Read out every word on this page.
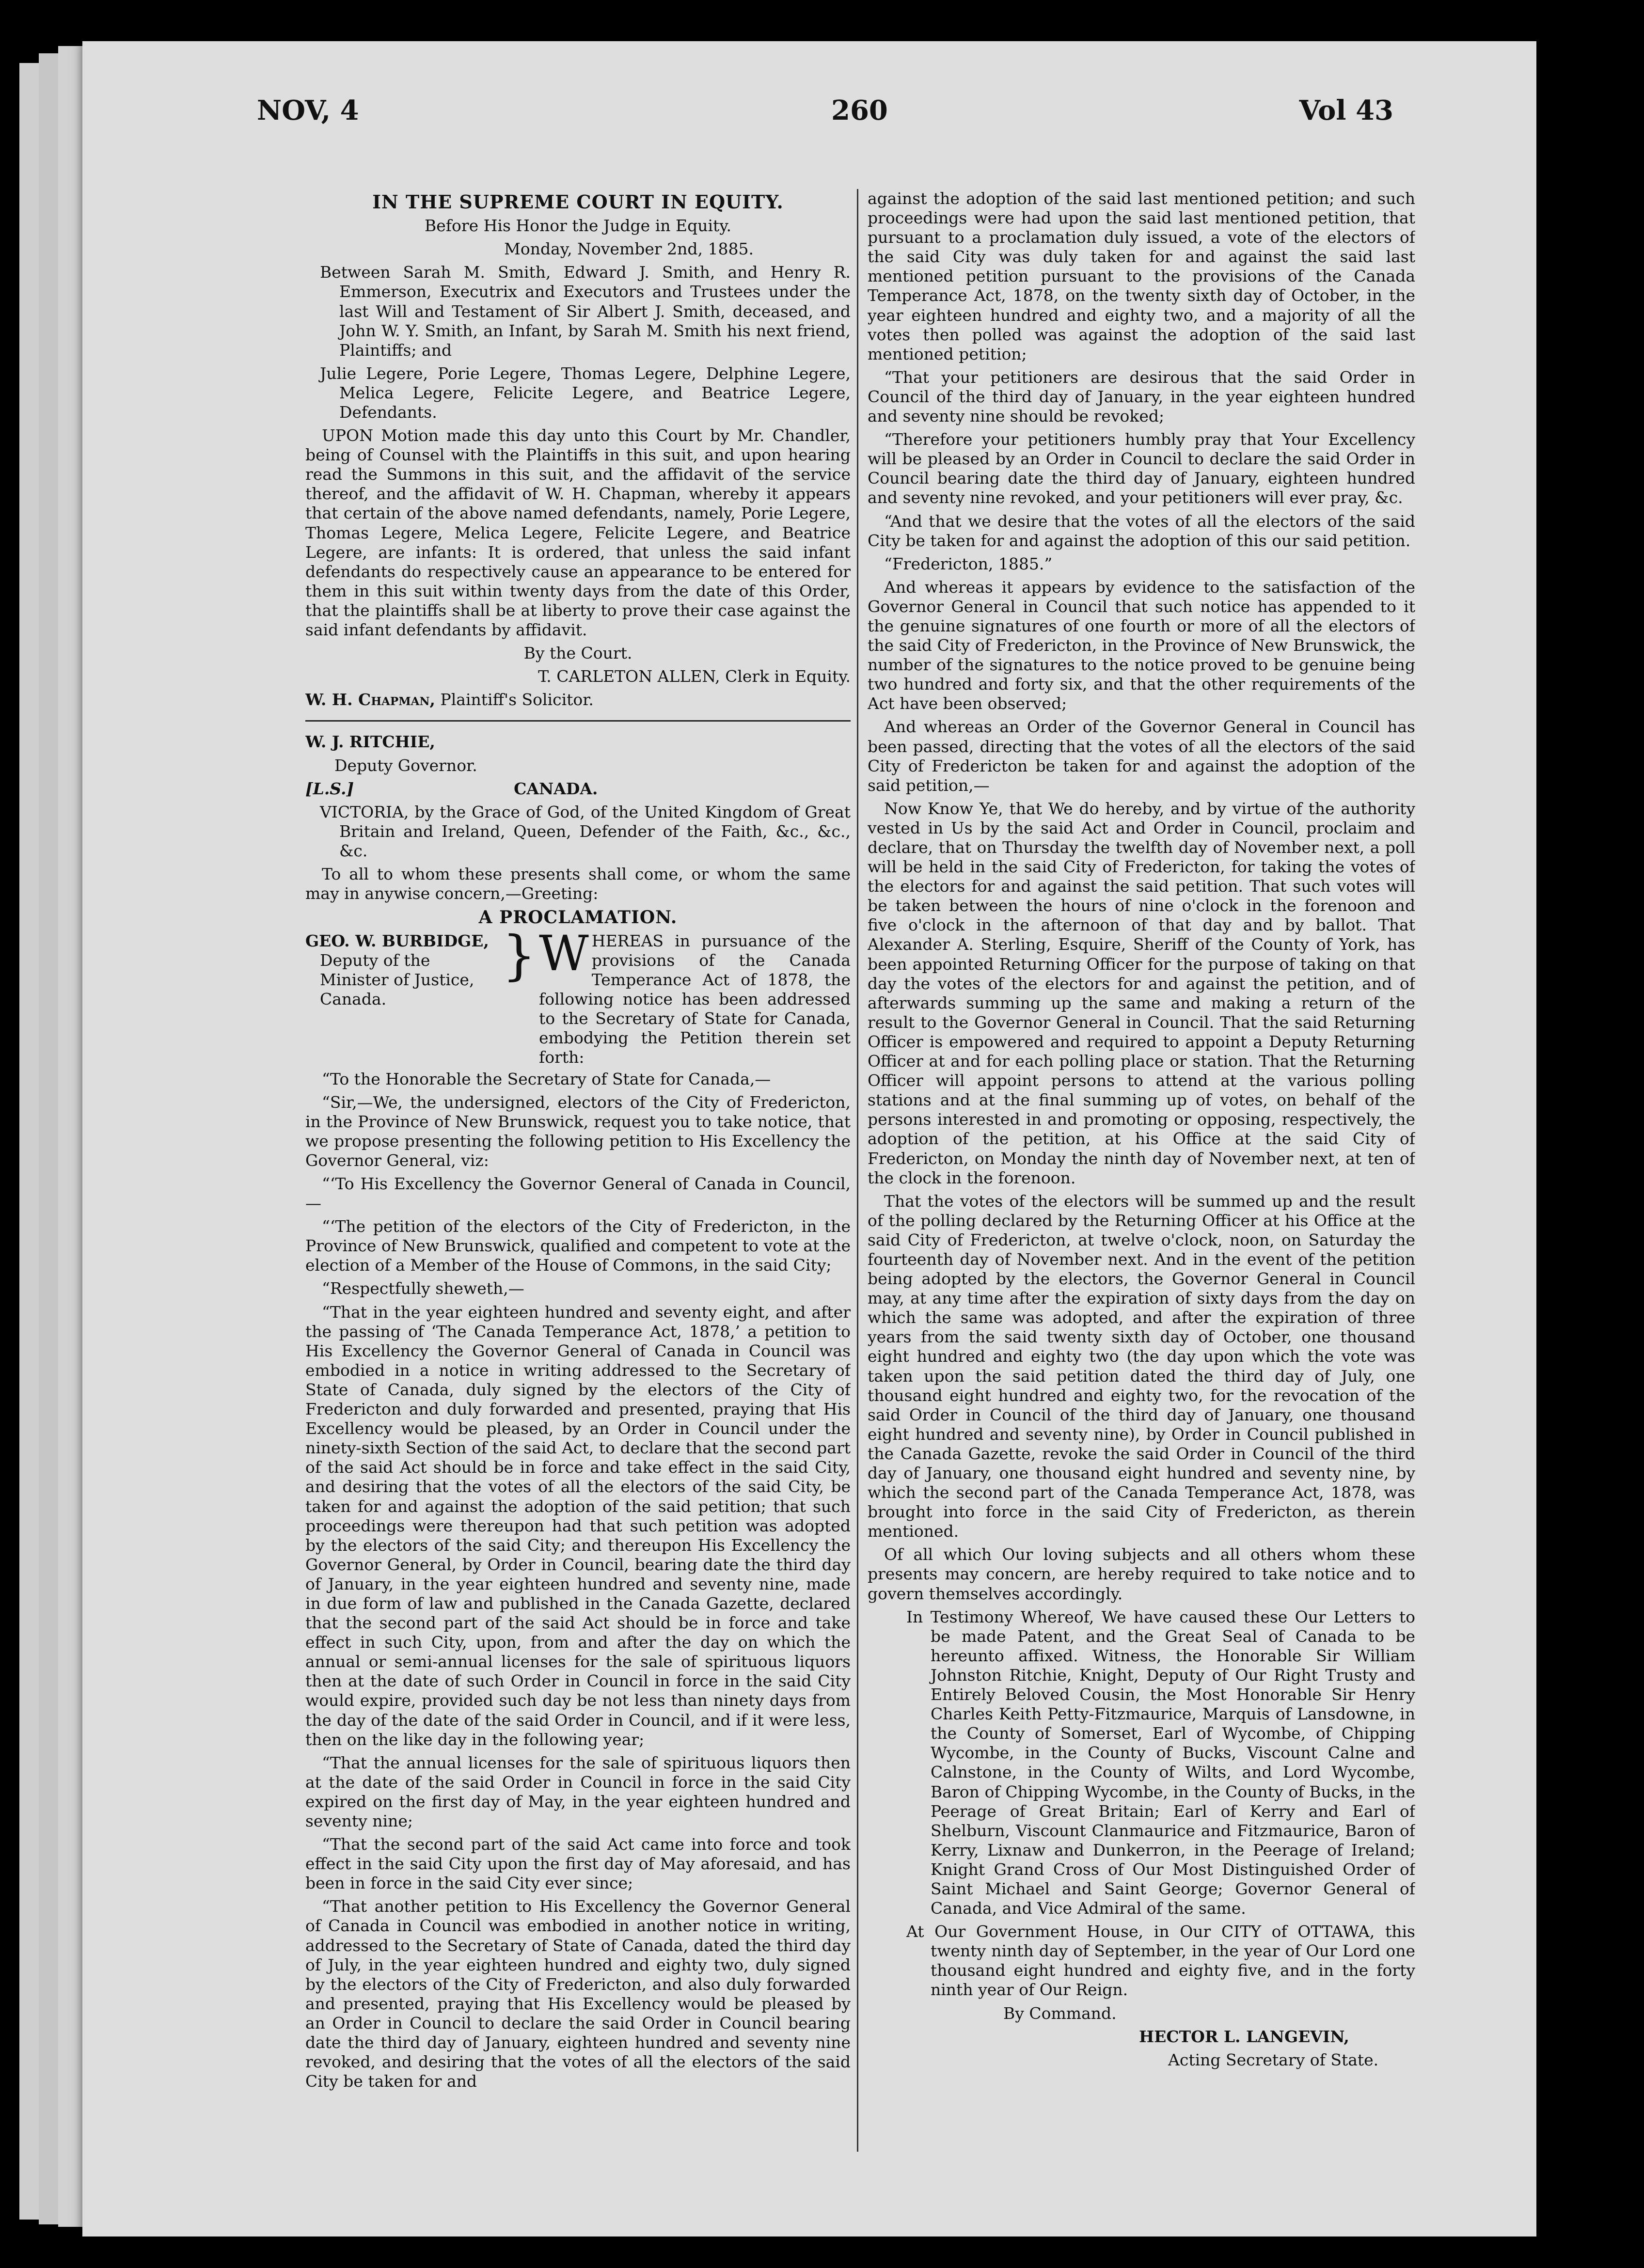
NOV, 4	260	Vol 43
IN THE SUPREME COURT IN EQUITY.

Before His Honor the Judge in Equity.

Monday, November 2nd, 1885.

Between Sarah M. Smith, Edward J. Smith, and Henry R. Emmerson, Executrix and Executors and Trustees under the last Will and Testament of Sir Albert J. Smith, deceased, and John W. Y. Smith, an Infant, by Sarah M. Smith his next friend, Plaintiffs; and

Julie Legere, Porie Legere, Thomas Legere, Delphine Legere, Melica Legere, Felicite Legere, and Beatrice Legere, Defendants.

UPON Motion made this day unto this Court by Mr. Chandler, being of Counsel with the Plaintiffs in this suit, and upon hearing read the Summons in this suit, and the affidavit of the service thereof, and the affidavit of W. H. Chapman, whereby it appears that certain of the above named defendants, namely, Porie Legere, Thomas Legere, Melica Legere, Felicite Legere, and Beatrice Legere, are infants: It is ordered, that unless the said infant defendants do respectively cause an appearance to be entered for them in this suit within twenty days from the date of this Order, that the plaintiffs shall be at liberty to prove their case against the said infant defendants by affidavit.

By the Court.

T. CARLETON ALLEN, Clerk in Equity.

W. H. Chapman, Plaintiff's Solicitor.

W. J. RITCHIE,

Deputy Governor.

[L.S.]	CANADA.

VICTORIA, by the Grace of God, of the United Kingdom of Great Britain and Ireland, Queen, Defender of the Faith, &c., &c., &c.

To all to whom these presents shall come, or whom the same may in anywise concern,—Greeting:

A PROCLAMATION.
GEO. W. BURBIDGE,
Deputy of the Minister of Justice, Canada.
} WHEREAS in pursuance of the provisions of the Canada Temperance Act of 1878, the following notice has been addressed to the Secretary of State for Canada, embodying the Petition therein set forth:

“To the Honorable the Secretary of State for Canada,—

“Sir,—We, the undersigned, electors of the City of Fredericton, in the Province of New Brunswick, request you to take notice, that we propose presenting the following petition to His Excellency the Governor General, viz:

“‘To His Excellency the Governor General of Canada in Council,—

“‘The petition of the electors of the City of Fredericton, in the Province of New Brunswick, qualified and competent to vote at the election of a Member of the House of Commons, in the said City;

“Respectfully sheweth,—

“That in the year eighteen hundred and seventy eight, and after the passing of ‘The Canada Temperance Act, 1878,’ a petition to His Excellency the Governor General of Canada in Council was embodied in a notice in writing addressed to the Secretary of State of Canada, duly signed by the electors of the City of Fredericton and duly forwarded and presented, praying that His Excellency would be pleased, by an Order in Council under the ninety-sixth Section of the said Act, to declare that the second part of the said Act should be in force and take effect in the said City, and desiring that the votes of all the electors of the said City, be taken for and against the adoption of the said petition; that such proceedings were thereupon had that such petition was adopted by the electors of the said City; and thereupon His Excellency the Governor General, by Order in Council, bearing date the third day of January, in the year eighteen hundred and seventy nine, made in due form of law and published in the Canada Gazette, declared that the second part of the said Act should be in force and take effect in such City, upon, from and after the day on which the annual or semi-annual licenses for the sale of spirituous liquors then at the date of such Order in Council in force in the said City would expire, provided such day be not less than ninety days from the day of the date of the said Order in Council, and if it were less, then on the like day in the following year;

“That the annual licenses for the sale of spirituous liquors then at the date of the said Order in Council in force in the said City expired on the first day of May, in the year eighteen hundred and seventy nine;

“That the second part of the said Act came into force and took effect in the said City upon the first day of May aforesaid, and has been in force in the said City ever since;

“That another petition to His Excellency the Governor General of Canada in Council was embodied in another notice in writing, addressed to the Secretary of State of Canada, dated the third day of July, in the year eighteen hundred and eighty two, duly signed by the electors of the City of Fredericton, and also duly forwarded and presented, praying that His Excellency would be pleased by an Order in Council to declare the said Order in Council bearing date the third day of January, eighteen hundred and seventy nine revoked, and desiring that the votes of all the electors of the said City be taken for and

against the adoption of the said last mentioned petition; and such proceedings were had upon the said last mentioned petition, that pursuant to a proclamation duly issued, a vote of the electors of the said City was duly taken for and against the said last mentioned petition pursuant to the provisions of the Canada Temperance Act, 1878, on the twenty sixth day of October, in the year eighteen hundred and eighty two, and a majority of all the votes then polled was against the adoption of the said last mentioned petition;

“That your petitioners are desirous that the said Order in Council of the third day of January, in the year eighteen hundred and seventy nine should be revoked;

“Therefore your petitioners humbly pray that Your Excellency will be pleased by an Order in Council to declare the said Order in Council bearing date the third day of January, eighteen hundred and seventy nine revoked, and your petitioners will ever pray, &c.

“And that we desire that the votes of all the electors of the said City be taken for and against the adoption of this our said petition.

“Fredericton, 1885.”

And whereas it appears by evidence to the satisfaction of the Governor General in Council that such notice has appended to it the genuine signatures of one fourth or more of all the electors of the said City of Fredericton, in the Province of New Brunswick, the number of the signatures to the notice proved to be genuine being two hundred and forty six, and that the other requirements of the Act have been observed;

And whereas an Order of the Governor General in Council has been passed, directing that the votes of all the electors of the said City of Fredericton be taken for and against the adoption of the said petition,—

Now Know Ye, that We do hereby, and by virtue of the authority vested in Us by the said Act and Order in Council, proclaim and declare, that on Thursday the twelfth day of November next, a poll will be held in the said City of Fredericton, for taking the votes of the electors for and against the said petition. That such votes will be taken between the hours of nine o'clock in the forenoon and five o'clock in the afternoon of that day and by ballot. That Alexander A. Sterling, Esquire, Sheriff of the County of York, has been appointed Returning Officer for the purpose of taking on that day the votes of the electors for and against the petition, and of afterwards summing up the same and making a return of the result to the Governor General in Council. That the said Returning Officer is empowered and required to appoint a Deputy Returning Officer at and for each polling place or station. That the Returning Officer will appoint persons to attend at the various polling stations and at the final summing up of votes, on behalf of the persons interested in and promoting or opposing, respectively, the adoption of the petition, at his Office at the said City of Fredericton, on Monday the ninth day of November next, at ten of the clock in the forenoon.

That the votes of the electors will be summed up and the result of the polling declared by the Returning Officer at his Office at the said City of Fredericton, at twelve o'clock, noon, on Saturday the fourteenth day of November next. And in the event of the petition being adopted by the electors, the Governor General in Council may, at any time after the expiration of sixty days from the day on which the same was adopted, and after the expiration of three years from the said twenty sixth day of October, one thousand eight hundred and eighty two (the day upon which the vote was taken upon the said petition dated the third day of July, one thousand eight hundred and eighty two, for the revocation of the said Order in Council of the third day of January, one thousand eight hundred and seventy nine), by Order in Council published in the Canada Gazette, revoke the said Order in Council of the third day of January, one thousand eight hundred and seventy nine, by which the second part of the Canada Temperance Act, 1878, was brought into force in the said City of Fredericton, as therein mentioned.

Of all which Our loving subjects and all others whom these presents may concern, are hereby required to take notice and to govern themselves accordingly.

In Testimony Whereof, We have caused these Our Letters to be made Patent, and the Great Seal of Canada to be hereunto affixed. Witness, the Honorable Sir William Johnston Ritchie, Knight, Deputy of Our Right Trusty and Entirely Beloved Cousin, the Most Honorable Sir Henry Charles Keith Petty-Fitzmaurice, Marquis of Lansdowne, in the County of Somerset, Earl of Wycombe, of Chipping Wycombe, in the County of Bucks, Viscount Calne and Calnstone, in the County of Wilts, and Lord Wycombe, Baron of Chipping Wycombe, in the County of Bucks, in the Peerage of Great Britain; Earl of Kerry and Earl of Shelburn, Viscount Clanmaurice and Fitzmaurice, Baron of Kerry, Lixnaw and Dunkerron, in the Peerage of Ireland; Knight Grand Cross of Our Most Distinguished Order of Saint Michael and Saint George; Governor General of Canada, and Vice Admiral of the same.

At Our Government House, in Our CITY of OTTAWA, this twenty ninth day of September, in the year of Our Lord one thousand eight hundred and eighty five, and in the forty ninth year of Our Reign.

By Command.

HECTOR L. LANGEVIN,

Acting Secretary of State.
